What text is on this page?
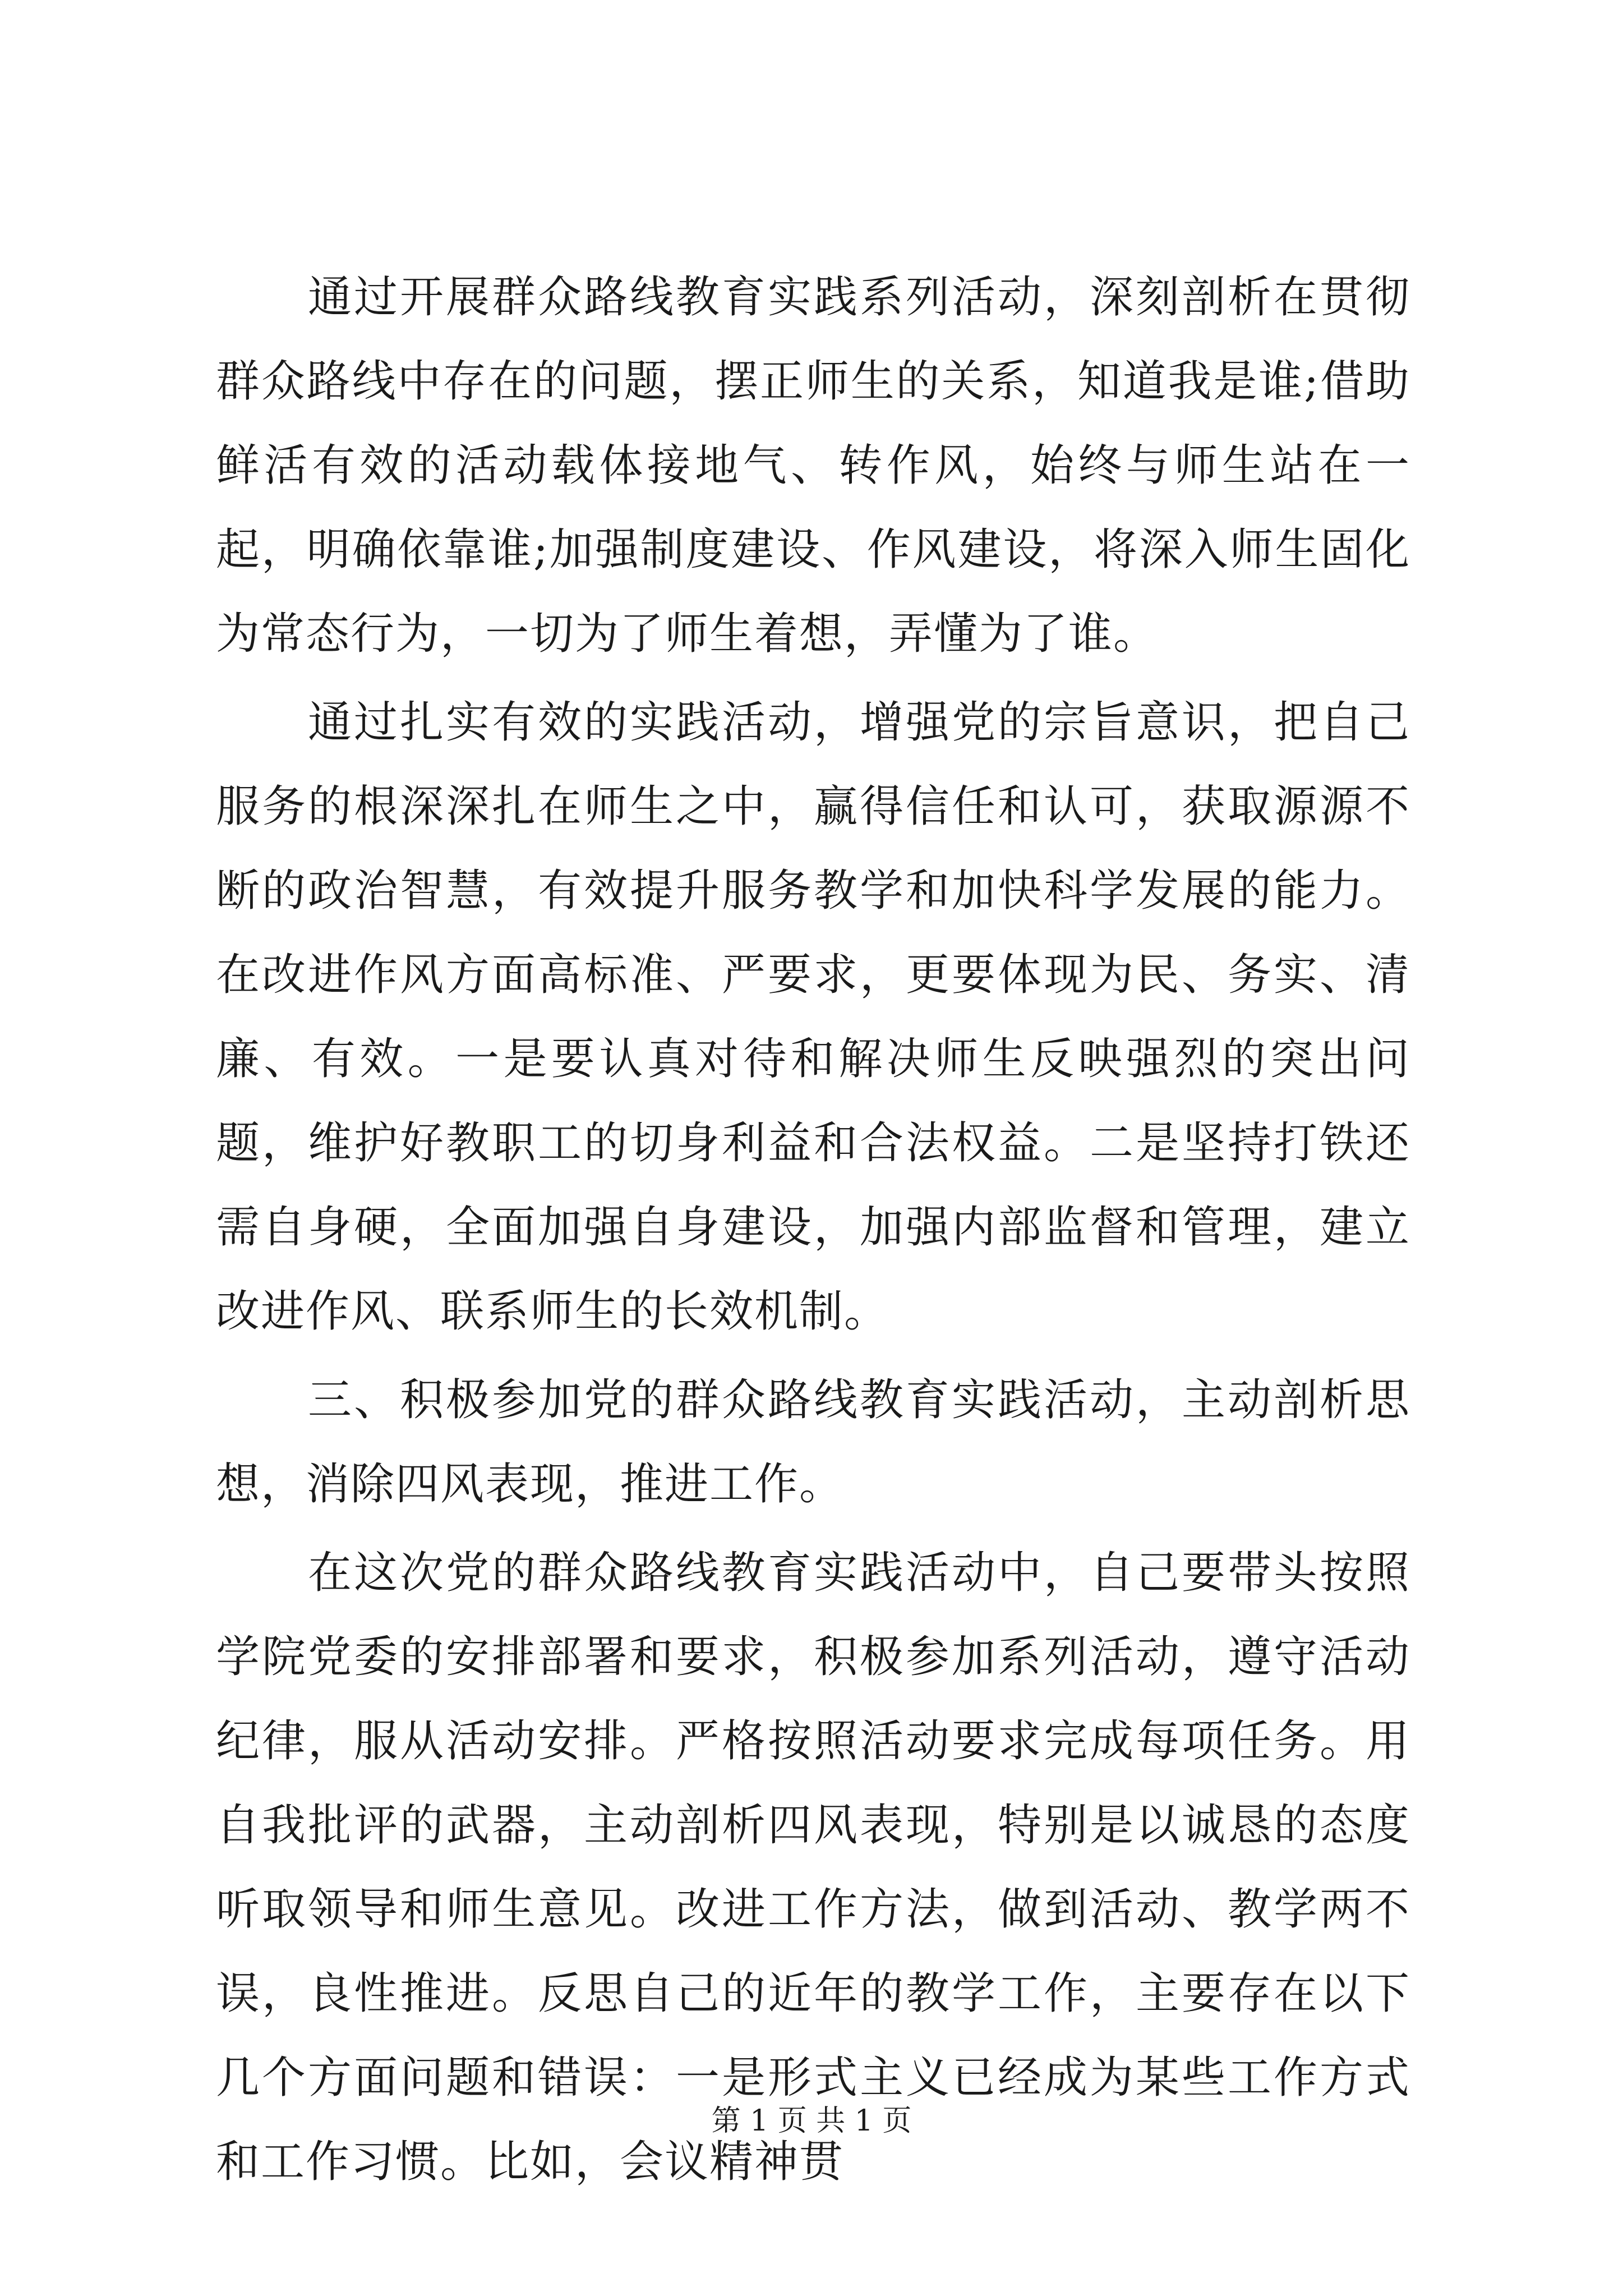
通过开展群众路线教育实践系列活动，深刻剖析在贯彻群众路线中存在的问题，摆正师生的关系，知道我是谁;借助鲜活有效的活动载体接地气、转作风，始终与师生站在一起，明确依靠谁;加强制度建设、作风建设，将深入师生固化为常态行为，一切为了师生着想，弄懂为了谁。

通过扎实有效的实践活动，增强党的宗旨意识，把自己服务的根深深扎在师生之中，赢得信任和认可，获取源源不断的政治智慧，有效提升服务教学和加快科学发展的能力。在改进作风方面高标准、严要求，更要体现为民、务实、清廉、有效。一是要认真对待和解决师生反映强烈的突出问题，维护好教职工的切身利益和合法权益。二是坚持打铁还需自身硬，全面加强自身建设，加强内部监督和管理，建立改进作风、联系师生的长效机制。

三、积极参加党的群众路线教育实践活动，主动剖析思想，消除四风表现，推进工作。

在这次党的群众路线教育实践活动中，自己要带头按照学院党委的安排部署和要求，积极参加系列活动，遵守活动纪律，服从活动安排。严格按照活动要求完成每项任务。用自我批评的武器，主动剖析四风表现，特别是以诚恳的态度听取领导和师生意见。改进工作方法，做到活动、教学两不误，良性推进。反思自己的近年的教学工作，主要存在以下几个方面问题和错误：一是形式主义已经成为某些工作方式和工作习惯。比如，会议精神贯

第 1 页 共 1 页
